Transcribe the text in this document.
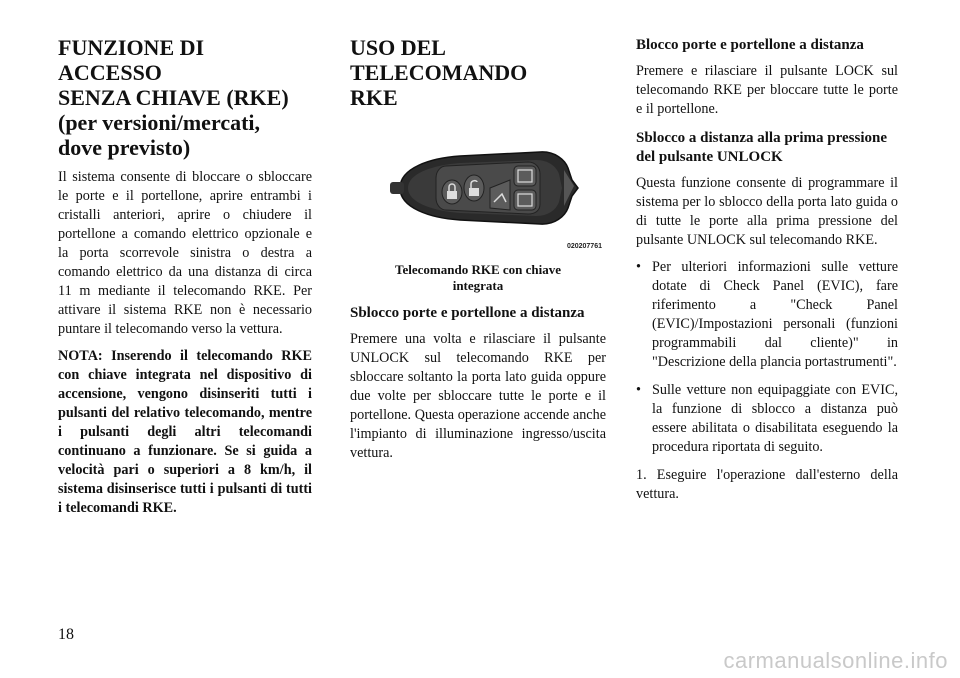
FUNZIONE DI ACCESSO
SENZA CHIAVE (RKE)
(per versioni/mercati,
dove previsto)

Il sistema consente di bloccare o sbloccare le porte e il portellone, aprire entrambi i cristalli anteriori, aprire o chiudere il portellone a comando elettrico opzionale e la porta scorrevole sinistra o destra a comando elettrico da una distanza di circa 11 m mediante il telecomando RKE. Per attivare il sistema RKE non è necessario puntare il telecomando verso la vettura.

NOTA: Inserendo il telecomando RKE con chiave integrata nel dispositivo di accensione, vengono disinseriti tutti i pulsanti del relativo telecomando, mentre i pulsanti degli altri telecomandi continuano a funzionare. Se si guida a velocità pari o superiori a 8 km/h, il sistema disinserisce tutti i pulsanti di tutti i telecomandi RKE.

USO DEL TELECOMANDO
RKE
020207761
Telecomando RKE con chiave
integrata
Sblocco porte e portellone a distanza

Premere una volta e rilasciare il pulsante UNLOCK sul telecomando RKE per sbloccare soltanto la porta lato guida oppure due volte per sbloccare tutte le porte e il portellone. Questa operazione accende anche l'impianto di illuminazione ingresso/uscita vettura.

Blocco porte e portellone a distanza

Premere e rilasciare il pulsante LOCK sul telecomando RKE per bloccare tutte le porte e il portellone.

Sblocco a distanza alla prima pressione del pulsante UNLOCK

Questa funzione consente di programmare il sistema per lo sblocco della porta lato guida o di tutte le porte alla prima pressione del pulsante UNLOCK sul telecomando RKE.

• Per ulteriori informazioni sulle vetture dotate di Check Panel (EVIC), fare riferimento a "Check Panel (EVIC)/Impostazioni personali (funzioni programmabili dal cliente)" in "Descrizione della plancia portastrumenti".
• Sulle vetture non equipaggiate con EVIC, la funzione di sblocco a distanza può essere abilitata o disabilitata eseguendo la procedura riportata di seguito.

1. Eseguire l'operazione dall'esterno della vettura.

18
carmanualsonline.info
